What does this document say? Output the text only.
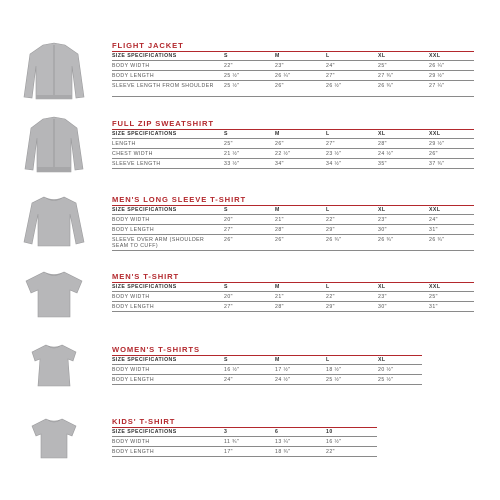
FLIGHT JACKET
SIZE SPECIFICATIONS	S	M	L	XL	XXL
BODY WIDTH	22"	23"	24"	25"	26 ¼"
BODY LENGTH	25 ½"	26 ¼"	27"	27 ¾"	29 ½"
SLEEVE LENGTH FROM SHOULDER	25 ½"	26"	26 ½"	26 ¾"	27 ¼"
FULL ZIP SWEATSHIRT
SIZE SPECIFICATIONS	S	M	L	XL	XXL
LENGTH	25"	26"	27"	28"	29 ½"
CHEST WIDTH	21 ½"	22 ½"	23 ½"	24 ½"	26"
SLEEVE LENGTH	33 ½"	34"	34 ½"	35"	37 ¾"
MEN'S LONG SLEEVE T-SHIRT
SIZE SPECIFICATIONS	S	M	L	XL	XXL
BODY WIDTH	20"	21"	22"	23"	24"
BODY LENGTH	27"	28"	29"	30"	31"
SLEEVE OVER ARM (SHOULDER SEAM TO CUFF)
26"	26"	26 ¾"	26 ¾"	26 ¾"
MEN'S T-SHIRT
SIZE SPECIFICATIONS	S	M	L	XL	XXL
BODY WIDTH	20"	21"	22"	23"	25"
BODY LENGTH	27"	28"	29"	30"	31"
WOMEN'S T-SHIRTS
SIZE SPECIFICATIONS	S	M	L	XL
BODY WIDTH	16 ½"	17 ½"	18 ½"	20 ½"
BODY LENGTH	24"	24 ½"	25 ½"	25 ½"
KIDS' T-SHIRT
SIZE SPECIFICATIONS	3	6	10
BODY WIDTH	11 ¾"	13 ¼"	16 ½"
BODY LENGTH	17"	18 ¾"	22"
